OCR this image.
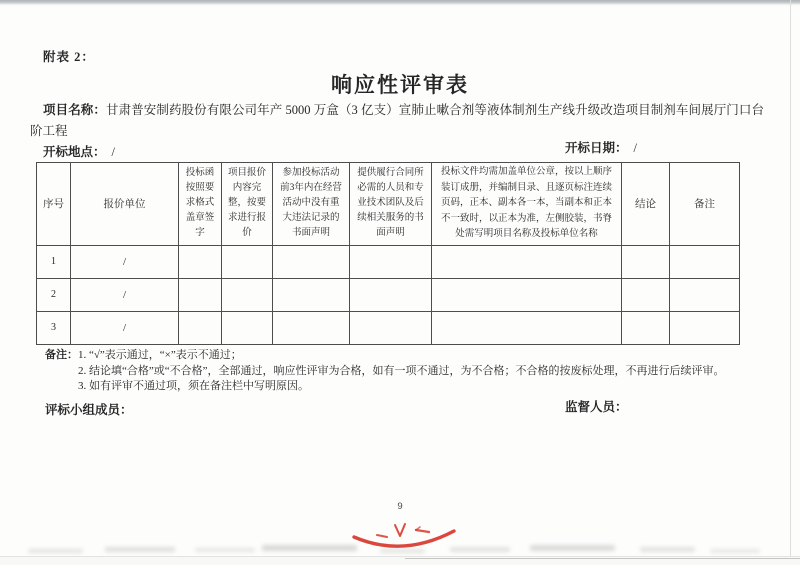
附表 2：
响应性评审表
项目名称：甘肃普安制药股份有限公司年产 5000 万盒（3 亿支）宣肺止嗽合剂等液体制剂生产线升级改造项目制剂车间展厅门口台阶工程
开标地点： /	开标日期： /
序号	报价单位	投标函按照要求格式盖章签字	项目报价内容完整，按要求进行报价	参加投标活动前3年内在经营活动中没有重大违法记录的书面声明	提供履行合同所必需的人员和专业技术团队及后续相关服务的书面声明	投标文件均需加盖单位公章，按以上顺序装订成册，并编制目录、且逐页标注连续页码，正本、副本各一本，当副本和正本不一致时，以正本为准，左侧胶装，书脊处需写明项目名称及投标单位名称	结论	备注
1	/							
2	/							
3	/							
备注： 1. “√”表示通过，“×”表示不通过；
2. 结论填“合格”或“不合格”，全部通过，响应性评审为合格，如有一项不通过，为不合格；不合格的按废标处理，不再进行后续评审。
3. 如有评审不通过项，须在备注栏中写明原因。
评标小组成员：	监督人员：
9
